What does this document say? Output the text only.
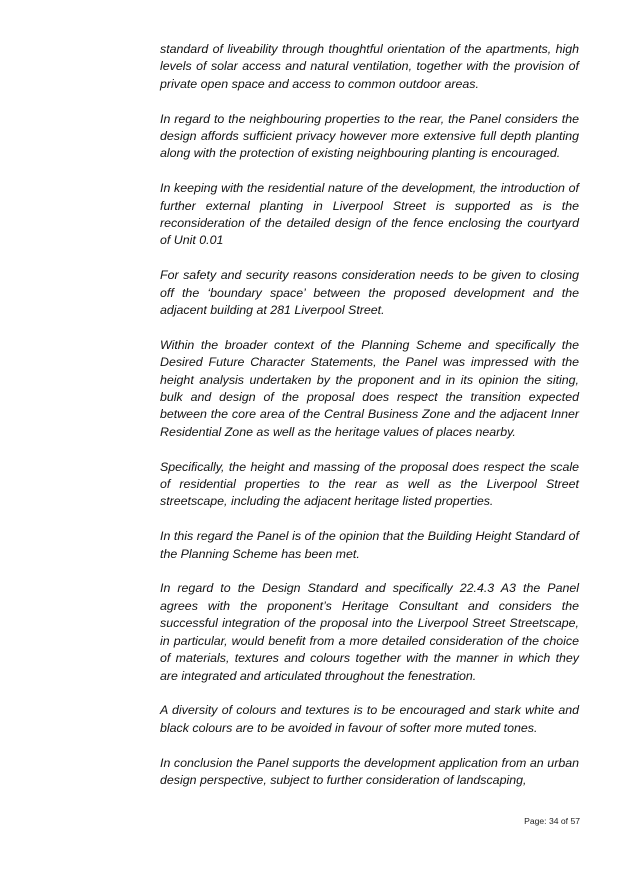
standard of liveability through thoughtful orientation of the apartments, high levels of solar access and natural ventilation, together with the provision of private open space and access to common outdoor areas.

In regard to the neighbouring properties to the rear, the Panel considers the design affords sufficient privacy however more extensive full depth planting along with the protection of existing neighbouring planting is encouraged.

In keeping with the residential nature of the development, the introduction of further external planting in Liverpool Street is supported as is the reconsideration of the detailed design of the fence enclosing the courtyard of Unit 0.01

For safety and security reasons consideration needs to be given to closing off the ‘boundary space’ between the proposed development and the adjacent building at 281 Liverpool Street.

Within the broader context of the Planning Scheme and specifically the Desired Future Character Statements, the Panel was impressed with the height analysis undertaken by the proponent and in its opinion the siting, bulk and design of the proposal does respect the transition expected between the core area of the Central Business Zone and the adjacent Inner Residential Zone as well as the heritage values of places nearby.

Specifically, the height and massing of the proposal does respect the scale of residential properties to the rear as well as the Liverpool Street streetscape, including the adjacent heritage listed properties.

In this regard the Panel is of the opinion that the Building Height Standard of the Planning Scheme has been met.

In regard to the Design Standard and specifically 22.4.3 A3 the Panel agrees with the proponent’s Heritage Consultant and considers the successful integration of the proposal into the Liverpool Street Streetscape, in particular, would benefit from a more detailed consideration of the choice of materials, textures and colours together with the manner in which they are integrated and articulated throughout the fenestration.

A diversity of colours and textures is to be encouraged and stark white and black colours are to be avoided in favour of softer more muted tones.

In conclusion the Panel supports the development application from an urban design perspective, subject to further consideration of landscaping,

Page: 34 of 57
